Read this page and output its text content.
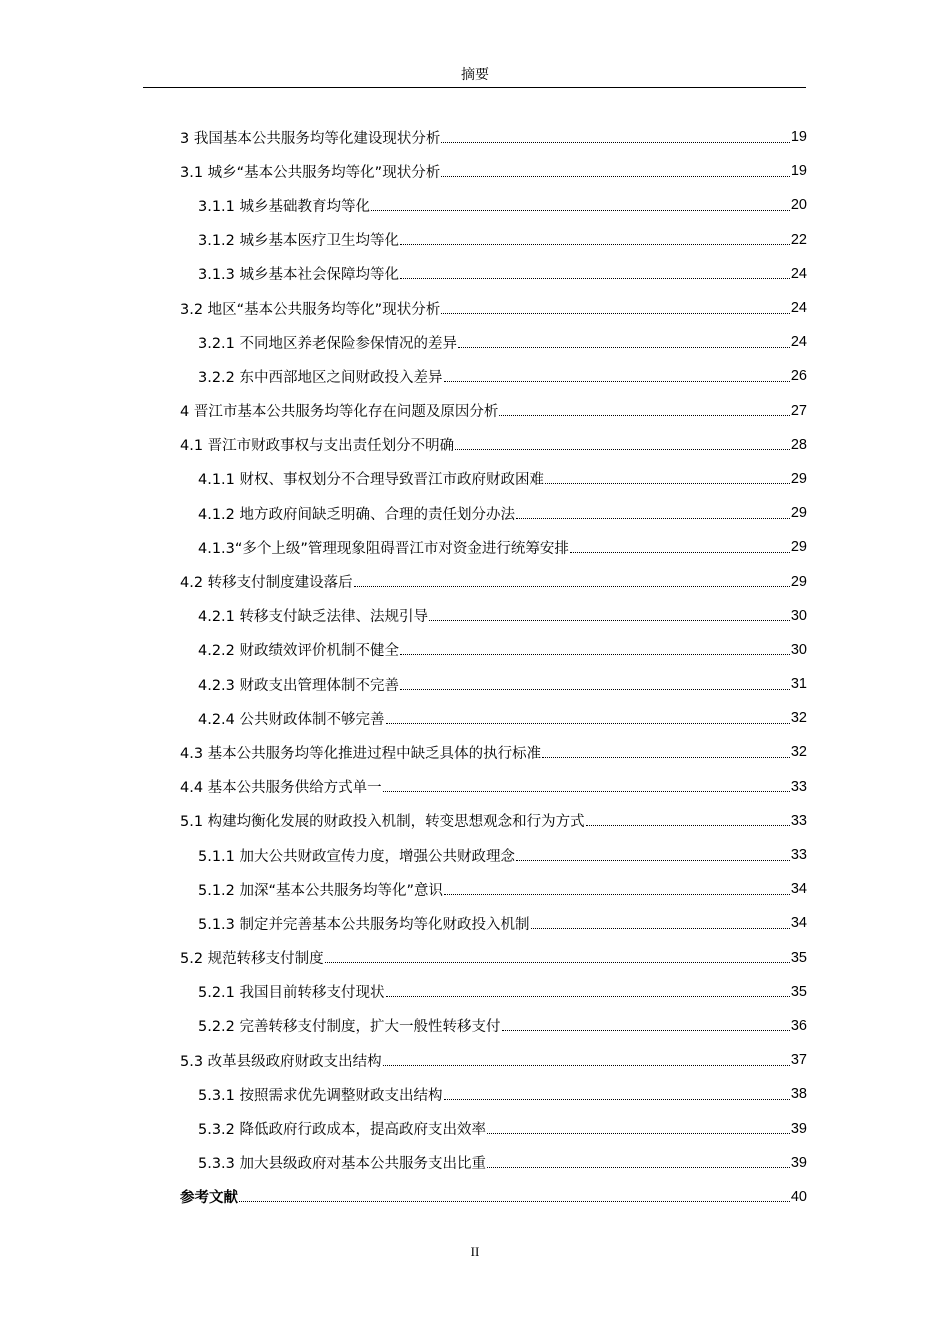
摘要
3 我国基本公共服务均等化建设现状分析	19
3.1 城乡“基本公共服务均等化”现状分析	19
3.1.1 城乡基础教育均等化	20
3.1.2 城乡基本医疗卫生均等化	22
3.1.3 城乡基本社会保障均等化	24
3.2 地区“基本公共服务均等化”现状分析	24
3.2.1 不同地区养老保险参保情况的差异	24
3.2.2 东中西部地区之间财政投入差异	26
4 晋江市基本公共服务均等化存在问题及原因分析	27
4.1 晋江市财政事权与支出责任划分不明确	28
4.1.1 财权、事权划分不合理导致晋江市政府财政困难	29
4.1.2 地方政府间缺乏明确、合理的责任划分办法	29
4.1.3“多个上级”管理现象阻碍晋江市对资金进行统筹安排	29
4.2 转移支付制度建设落后	29
4.2.1 转移支付缺乏法律、法规引导	30
4.2.2 财政绩效评价机制不健全	30
4.2.3 财政支出管理体制不完善	31
4.2.4 公共财政体制不够完善	32
4.3 基本公共服务均等化推进过程中缺乏具体的执行标准	32
4.4 基本公共服务供给方式单一	33
5.1 构建均衡化发展的财政投入机制，转变思想观念和行为方式	33
5.1.1 加大公共财政宣传力度，增强公共财政理念	33
5.1.2 加深“基本公共服务均等化”意识	34
5.1.3 制定并完善基本公共服务均等化财政投入机制	34
5.2 规范转移支付制度	35
5.2.1 我国目前转移支付现状	35
5.2.2 完善转移支付制度，扩大一般性转移支付	36
5.3 改革县级政府财政支出结构	37
5.3.1 按照需求优先调整财政支出结构	38
5.3.2 降低政府行政成本，提高政府支出效率	39
5.3.3 加大县级政府对基本公共服务支出比重	39
参考文献	40
II
